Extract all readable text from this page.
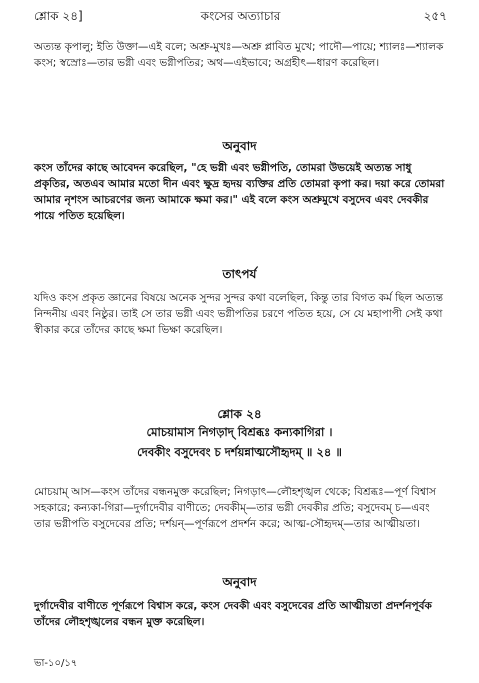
শ্লোক ২৪]	কংসের অত্যাচার	২৫৭

অত্যন্ত কৃপালু; ইতি উক্তা—এই বলে; অশ্রু-মুখঃ—অশ্রু প্লাবিত মুখে; পাদৌ—পায়ে; শ্যালঃ—শ্যালক কংস; স্বস্রোঃ—তার ভগ্নী এবং ভগ্নীপতির; অথ—এইভাবে; অগ্রহীৎ—ধারণ করেছিল।

অনুবাদ

কংস তাঁদের কাছে আবেদন করেছিল, "হে ভগ্নী এবং ভগ্নীপতি, তোমরা উভয়েই অত্যন্ত সাধু প্রকৃতির, অতএব আমার মতো দীন এবং ক্ষুদ্র হৃদয় ব্যক্তির প্রতি তোমরা কৃপা কর। দয়া করে তোমরা আমার নৃশংস আচরণের জন্য আমাকে ক্ষমা কর।" এই বলে কংস অশ্রুমুখে বসুদেব এবং দেবকীর পায়ে পতিত হয়েছিল।

তাৎপর্য

যদিও কংস প্রকৃত জ্ঞানের বিষয়ে অনেক সুন্দর সুন্দর কথা বলেছিল, কিন্তু তার বিগত কর্ম ছিল অত্যন্ত নিন্দনীয় এবং নিষ্ঠুর। তাই সে তার ভগ্নী এবং ভগ্নীপতির চরণে পতিত হয়ে, সে যে মহাপাপী সেই কথা স্বীকার করে তাঁদের কাছে ক্ষমা ভিক্ষা করেছিল।

শ্লোক ২৪
মোচয়ামাস নিগড়াদ্ বিশ্রব্ধঃ কন্যকাগিরা ।
দেবকীং বসুদেবং চ দর্শয়ন্নাত্মসৌহৃদম্ ॥ ২৪ ॥

মোচয়াম্ আস—কংস তাঁদের বন্ধনমুক্ত করেছিল; নিগড়াৎ—লৌহশৃঙ্খল থেকে; বিশ্রব্ধঃ—পূর্ণ বিশ্বাস সহকারে; কন্যকা-গিরা—দুর্গাদেবীর বাণীতে; দেবকীম্—তার ভগ্নী দেবকীর প্রতি; বসুদেবম্ চ—এবং তার ভগ্নীপতি বসুদেবের প্রতি; দর্শয়ন্—পূর্ণরূপে প্রদর্শন করে; আত্ম-সৌহৃদম্—তার আত্মীয়তা।

অনুবাদ

দুর্গাদেবীর বাণীতে পূর্ণরূপে বিশ্বাস করে, কংস দেবকী এবং বসুদেবের প্রতি আত্মীয়তা প্রদর্শনপূর্বক তাঁদের লৌহশৃঙ্খলের বন্ধন মুক্ত করেছিল।

ভা-১০/১৭
